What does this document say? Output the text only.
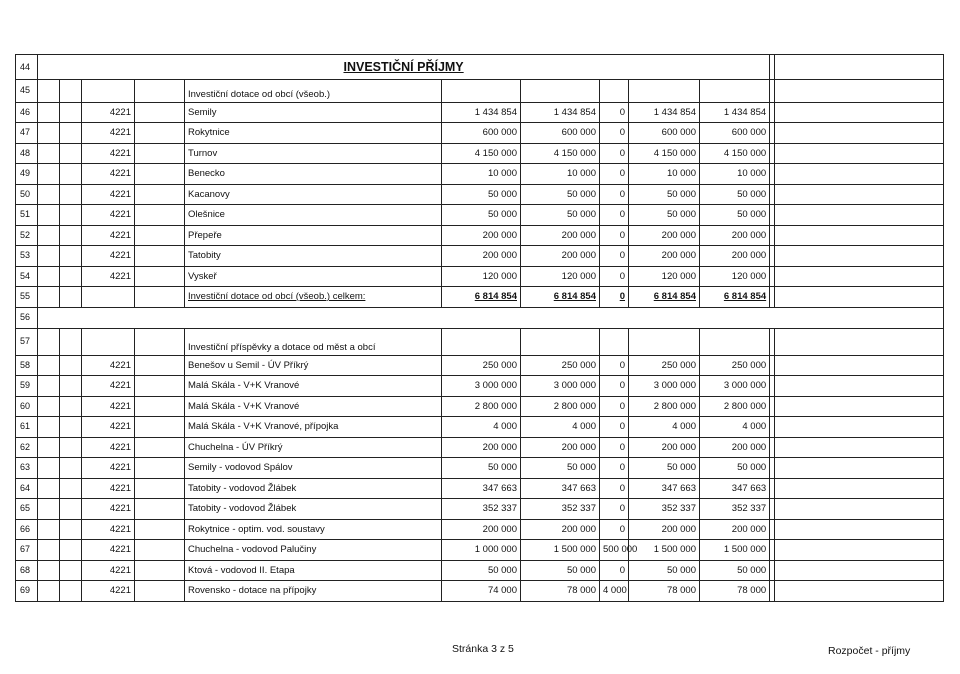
44	INVESTIČNÍ PŘÍJMY											
45					Investiční dotace od obcí (všeob.)							
46			4221		Semily	1 434 854	1 434 854	0	1 434 854	1 434 854		
47			4221		Rokytnice	600 000	600 000	0	600 000	600 000		
48			4221		Turnov	4 150 000	4 150 000	0	4 150 000	4 150 000		
49			4221		Benecko	10 000	10 000	0	10 000	10 000		
50			4221		Kacanovy	50 000	50 000	0	50 000	50 000		
51			4221		Olešnice	50 000	50 000	0	50 000	50 000		
52			4221		Přepeře	200 000	200 000	0	200 000	200 000		
53			4221		Tatobity	200 000	200 000	0	200 000	200 000		
54			4221		Vyskeř	120 000	120 000	0	120 000	120 000		
55					Investiční dotace od obcí (všeob.) celkem:	6 814 854	6 814 854	0	6 814 854	6 814 854		
56												
57					Investiční příspěvky a dotace od měst a obcí							
58			4221		Benešov u Semil - ÚV Příkrý	250 000	250 000	0	250 000	250 000		
59			4221		Malá Skála - V+K Vranové	3 000 000	3 000 000	0	3 000 000	3 000 000		
60			4221		Malá Skála - V+K Vranové	2 800 000	2 800 000	0	2 800 000	2 800 000		
61			4221		Malá Skála - V+K Vranové, přípojka	4 000	4 000	0	4 000	4 000		
62			4221		Chuchelna - ÚV Příkrý	200 000	200 000	0	200 000	200 000		
63			4221		Semily - vodovod Spálov	50 000	50 000	0	50 000	50 000		
64			4221		Tatobity - vodovod Žlábek	347 663	347 663	0	347 663	347 663		
65			4221		Tatobity - vodovod Žlábek	352 337	352 337	0	352 337	352 337		
66			4221		Rokytnice - optim. vod. soustavy	200 000	200 000	0	200 000	200 000		
67			4221		Chuchelna - vodovod Palučiny	1 000 000	1 500 000	500 000	1 500 000	1 500 000		
68			4221		Ktová - vodovod II. Etapa	50 000	50 000	0	50 000	50 000		
69			4221		Rovensko - dotace na přípojky	74 000	78 000	4 000	78 000	78 000		
Stránka 3 z 5	Rozpočet - příjmy
